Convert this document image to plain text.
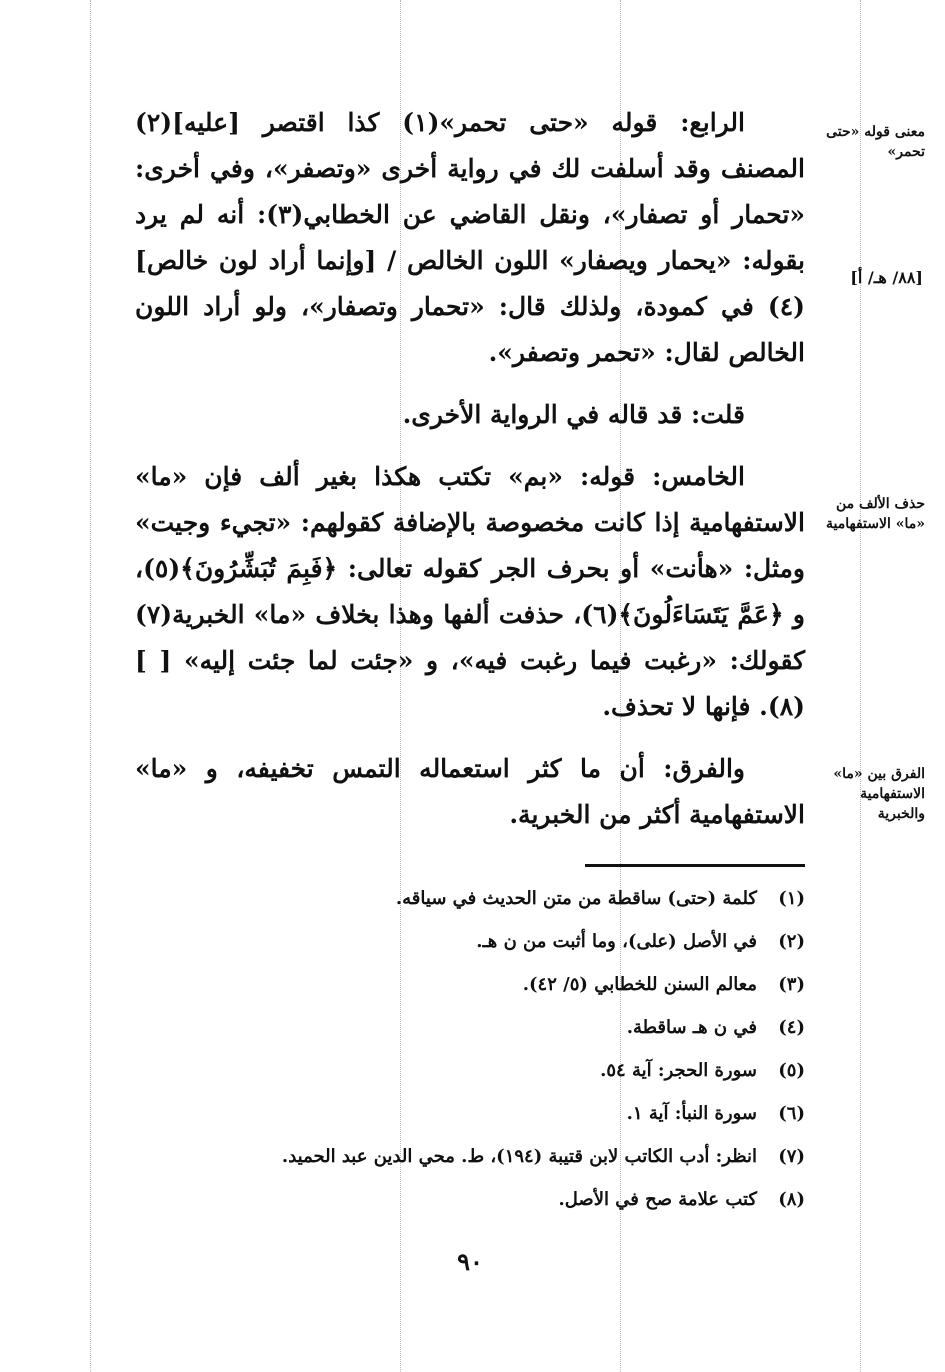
معنى قوله «حتى تحمر»
[٨٨/ هـ/ أ]
حذف الألف من «ما» الاستفهامية
الفرق بين «ما» الاستفهامية والخبرية

الرابع: قوله «حتى تحمر»(١) كذا اقتصر [عليه](٢) المصنف وقد أسلفت لك في رواية أخرى «وتصفر»، وفي أخرى: «تحمار أو تصفار»، ونقل القاضي عن الخطابي(٣): أنه لم يرد بقوله: «يحمار ويصفار» اللون الخالص / [وإنما أراد لون خالص](٤) في كمودة، ولذلك قال: «تحمار وتصفار»، ولو أراد اللون الخالص لقال: «تحمر وتصفر».

قلت: قد قاله في الرواية الأخرى.

الخامس: قوله: «بم» تكتب هكذا بغير ألف فإن «ما» الاستفهامية إذا كانت مخصوصة بالإضافة كقولهم: «تجيء وجيت» ومثل: «هأنت» أو بحرف الجر كقوله تعالى: ﴿فَبِمَ تُبَشِّرُونَ﴾(٥)، و ﴿عَمَّ يَتَسَاءَلُونَ﴾(٦)، حذفت ألفها وهذا بخلاف «ما» الخبرية(٧) كقولك: «رغبت فيما رغبت فيه»، و «جئت لما جئت إليه» [ ](٨). فإنها لا تحذف.

والفرق: أن ما كثر استعماله التمس تخفيفه، و «ما» الاستفهامية أكثر من الخبرية.

(١)
كلمة (حتى) ساقطة من متن الحديث في سياقه.
(٢)
في الأصل (على)، وما أثبت من ن هـ.
(٣)
معالم السنن للخطابي (٥/ ٤٢).
(٤)
في ن هـ ساقطة.
(٥)
سورة الحجر: آية ٥٤.
(٦)
سورة النبأ: آية ١.
(٧)
انظر: أدب الكاتب لابن قتيبة (١٩٤)، ط. محي الدين عبد الحميد.
(٨)
كتب علامة صح في الأصل.
٩٠
